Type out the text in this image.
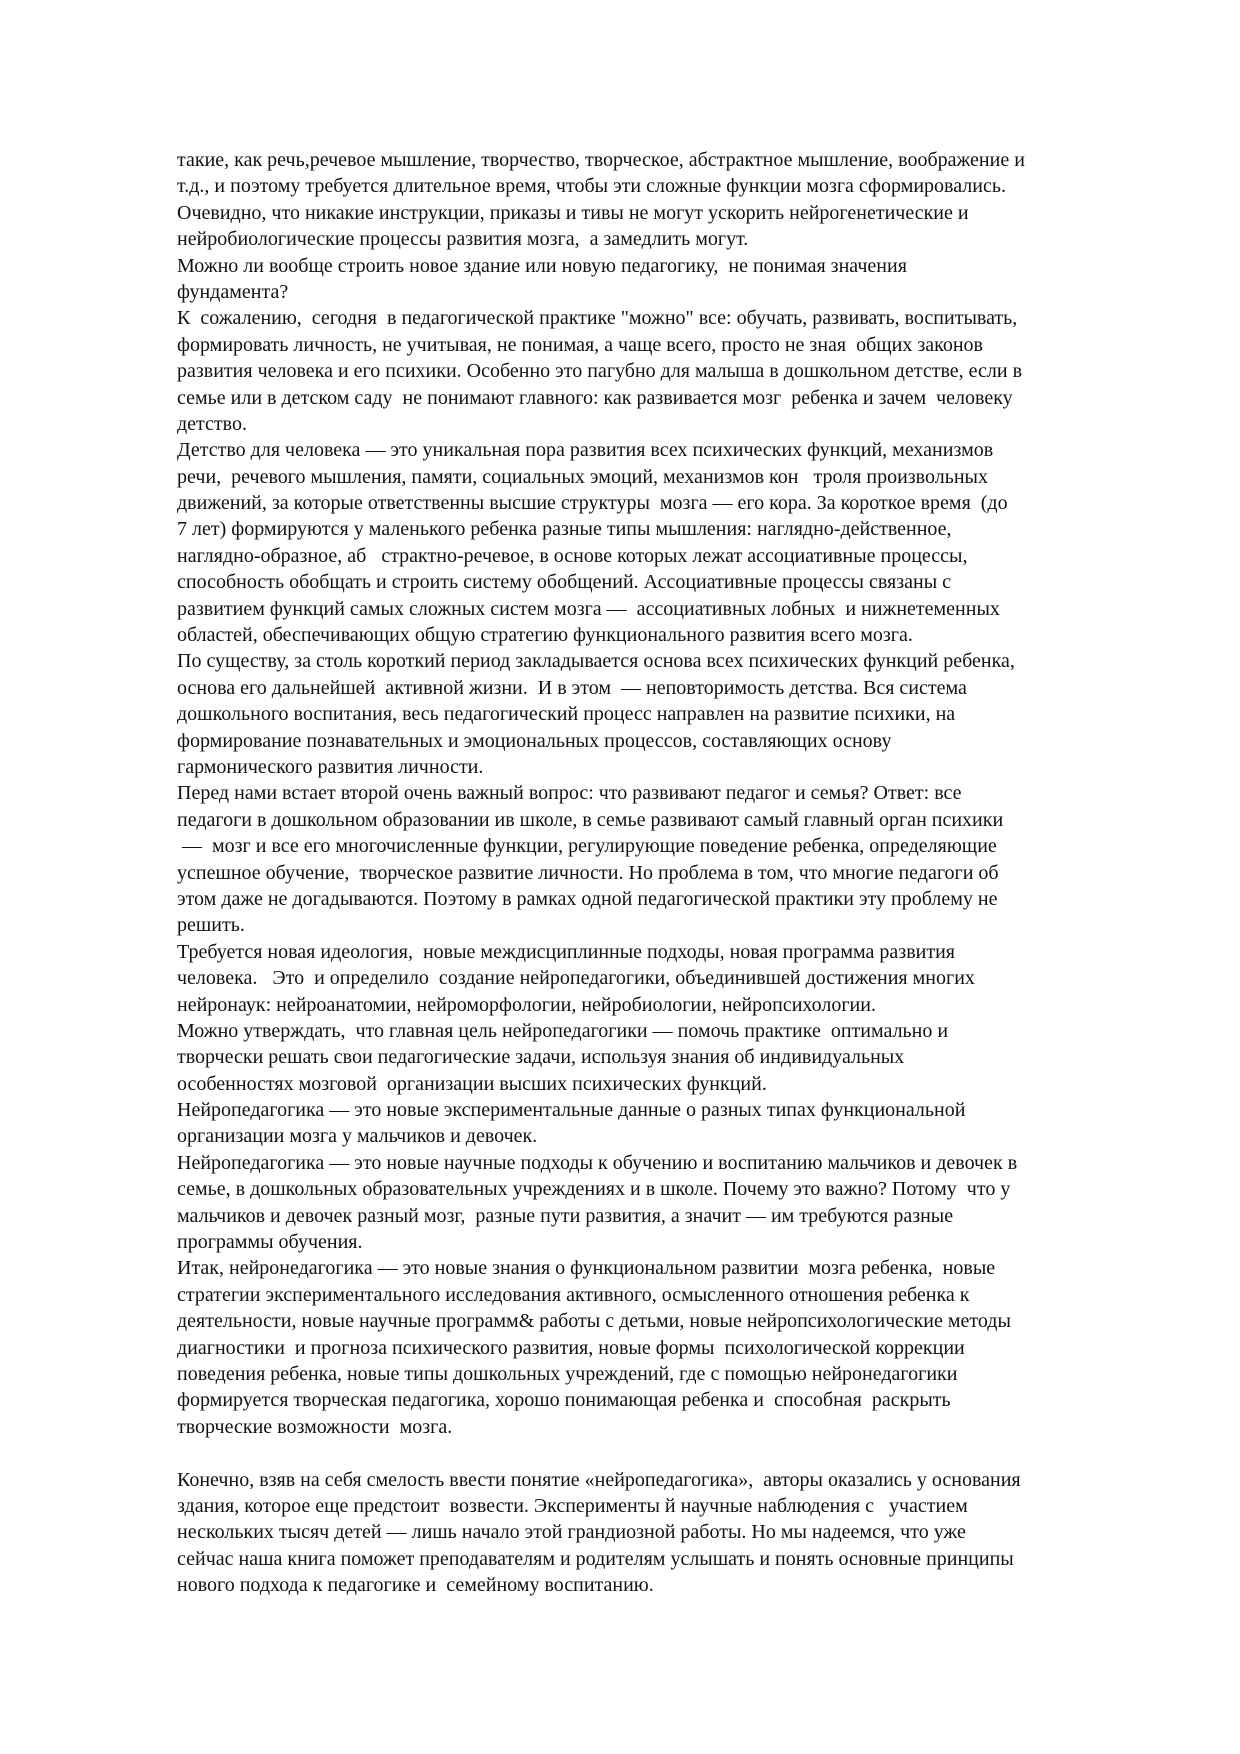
такие, как речь,речевое мышление, творчество, творческое, абстрактное мышление, воображение и
т.д., и поэтому требуется длительное время, чтобы эти сложные функции мозга сформировались.
Очевидно, что никакие инструкции, приказы и тивы не могут ускорить нейрогенетические и
нейробиологические процессы развития мозга,  а замедлить могут.
Можно ли вообще строить новое здание или новую педагогику,  не понимая значения
фундамента?
К  сожалению,  сегодня  в педагогической практике "можно" все: обучать, развивать, воспитывать,
формировать личность, не учитывая, не понимая, а чаще всего, просто не зная  общих законов
развития человека и его психики. Особенно это пагубно для малыша в дошкольном детстве, если в
семье или в детском саду  не понимают главного: как развивается мозг  ребенка и зачем  человеку
детство.
Детство для человека — это уникальная пора развития всех психических функций, механизмов
речи,  речевого мышления, памяти, социальных эмоций, механизмов кон   троля произвольных
движений, за которые ответственны высшие структуры  мозга — его кора. За короткое время  (до
7 лет) формируются у маленького ребенка разные типы мышления: наглядно-действенное,
наглядно-образное, аб   страктно-речевое, в основе которых лежат ассоциативные процессы,
способность обобщать и строить систему обобщений. Ассоциативные процессы связаны с
развитием функций самых сложных систем мозга —  ассоциативных лобных  и нижнетеменных
областей, обеспечивающих общую стратегию функционального развития всего мозга.
По существу, за столь короткий период закладывается основа всех психических функций ребенка,
основа его дальнейшей  активной жизни.  И в этом  — неповторимость детства. Вся система
дошкольного воспитания, весь педагогический процесс направлен на развитие психики, на
формирование познавательных и эмоциональных процессов, составляющих основу
гармонического развития личности.
Перед нами встает второй очень важный вопрос: что развивают педагог и семья? Ответ: все
педагоги в дошкольном образовании ив школе, в семье развивают самый главный орган психики
—  мозг и все его многочисленные функции, регулирующие поведение ребенка, определяющие
успешное обучение,  творческое развитие личности. Но проблема в том, что многие педагоги об
этом даже не догадываются. Поэтому в рамках одной педагогической практики эту проблему не
решить.
Требуется новая идеология,  новые междисциплинные подходы, новая программа развития
человека.   Это  и определило  создание нейропедагогики, объединившей достижения многих
нейронаук: нейроанатомии, нейроморфологии, нейробиологии, нейропсихологии.
Можно утверждать,  что главная цель нейропедагогики — помочь практике  оптимально и
творчески решать свои педагогические задачи, используя знания об индивидуальных
особенностях мозговой  организации высших психических функций.
Нейропедагогика — это новые экспериментальные данные о разных типах функциональной
организации мозга у мальчиков и девочек.
Нейропедагогика — это новые научные подходы к обучению и воспитанию мальчиков и девочек в
семье, в дошкольных образовательных учреждениях и в школе. Почему это важно? Потому  что у
мальчиков и девочек разный мозг,  разные пути развития, а значит — им требуются разные
программы обучения.
Итак, нейронедагогика — это новые знания о функциональном развитии  мозга ребенка,  новые
стратегии экспериментального исследования активного, осмысленного отношения ребенка к
деятельности, новые научные программ& работы с детьми, новые нейропсихологические методы
диагностики  и прогноза психического развития, новые формы  психологической коррекции
поведения ребенка, новые типы дошкольных учреждений, где с помощью нейронедагогики
формируется творческая педагогика, хорошо понимающая ребенка и  способная  раскрыть
творческие возможности  мозга.
Конечно, взяв на себя смелость ввести понятие «нейропедагогика»,  авторы оказались у основания
здания, которое еще предстоит  возвести. Эксперименты й научные наблюдения с   участием
нескольких тысяч детей — лишь начало этой грандиозной работы. Но мы надеемся, что уже
сейчас наша книга поможет преподавателям и родителям услышать и понять основные принципы
нового подхода к педагогике и  семейному воспитанию.
